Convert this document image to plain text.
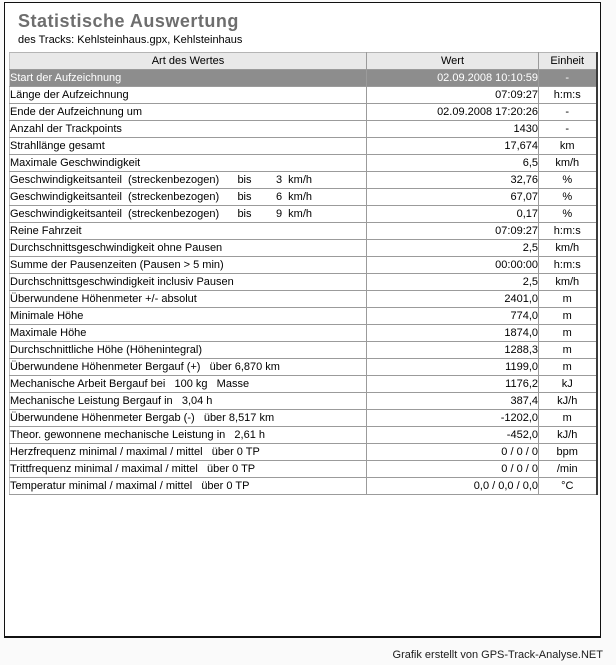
Statistische Auswertung
des Tracks: Kehlsteinhaus.gpx, Kehlsteinhaus
Art des Wertes	Wert	Einheit
Start der Aufzeichnung	02.09.2008 10:10:59	-
Länge der Aufzeichnung	07:09:27	h:m:s
Ende der Aufzeichnung um	02.09.2008 17:20:26	-
Anzahl der Trackpoints	1430	-
Strahllänge gesamt	17,674	km
Maximale Geschwindigkeit	6,5	km/h
Geschwindigkeitsanteil  (streckenbezogen)      bis        3  km/h	32,76	%
Geschwindigkeitsanteil  (streckenbezogen)      bis        6  km/h	67,07	%
Geschwindigkeitsanteil  (streckenbezogen)      bis        9  km/h	0,17	%
Reine Fahrzeit	07:09:27	h:m:s
Durchschnittsgeschwindigkeit ohne Pausen	2,5	km/h
Summe der Pausenzeiten (Pausen > 5 min)	00:00:00	h:m:s
Durchschnittsgeschwindigkeit inclusiv Pausen	2,5	km/h
Überwundene Höhenmeter +/- absolut	2401,0	m
Minimale Höhe	774,0	m
Maximale Höhe	1874,0	m
Durchschnittliche Höhe (Höhenintegral)	1288,3	m
Überwundene Höhenmeter Bergauf (+)   über 6,870 km	1199,0	m
Mechanische Arbeit Bergauf bei   100 kg   Masse	1176,2	kJ
Mechanische Leistung Bergauf in   3,04 h	387,4	kJ/h
Überwundene Höhenmeter Bergab (-)   über 8,517 km	-1202,0	m
Theor. gewonnene mechanische Leistung in   2,61 h	-452,0	kJ/h
Herzfrequenz minimal / maximal / mittel   über 0 TP	0 / 0 / 0	bpm
Trittfrequenz minimal / maximal / mittel   über 0 TP	0 / 0 / 0	/min
Temperatur minimal / maximal / mittel   über 0 TP	0,0 / 0,0 / 0,0	°C
Grafik erstellt von GPS-Track-Analyse.NET
